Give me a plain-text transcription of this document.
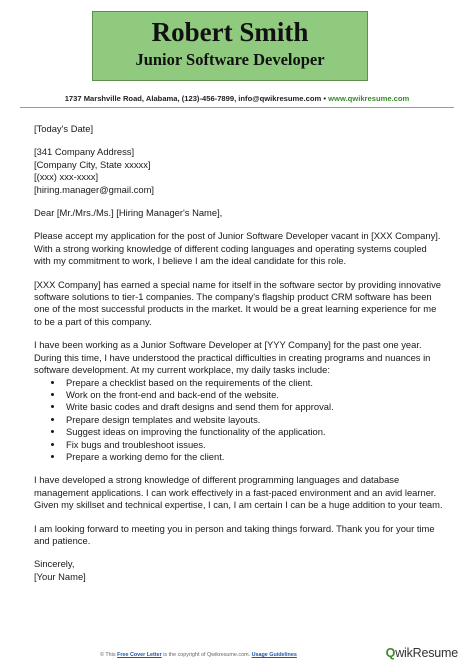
Robert Smith
Junior Software Developer
1737 Marshville Road, Alabama, (123)-456-7899, info@qwikresume.com • www.qwikresume.com

[Today's Date]

[341 Company Address]

[Company City, State xxxxx]

[(xxx) xxx-xxxx]

[hiring.manager@gmail.com]

Dear [Mr./Mrs./Ms.] [Hiring Manager's Name],

Please accept my application for the post of Junior Software Developer vacant in [XXX Company]. With a strong working knowledge of different coding languages and operating systems coupled with my commitment to work, I believe I am the ideal candidate for this role.

[XXX Company] has earned a special name for itself in the software sector by providing innovative software solutions to tier-1 companies. The company's flagship product CRM software has been one of the most successful products in the market. It would be a great learning experience for me to be a part of this company.

I have been working as a Junior Software Developer at [YYY Company] for the past one year. During this time, I have understood the practical difficulties in creating programs and nuances in software development. At my current workplace, my daily tasks include:

• Prepare a checklist based on the requirements of the client.
• Work on the front-end and back-end of the website.
• Write basic codes and draft designs and send them for approval.
• Prepare design templates and website layouts.
• Suggest ideas on improving the functionality of the application.
• Fix bugs and troubleshoot issues.
• Prepare a working demo for the client.

I have developed a strong knowledge of different programming languages and database management applications. I can work effectively in a fast-paced environment and an avid learner. Given my skillset and technical expertise, I can, I am certain I can be a huge addition to your team.

I am looking forward to meeting you in person and taking things forward. Thank you for your time and patience.

Sincerely,

[Your Name]

© This Free Cover Letter is the copyright of Qwikresume.com. Usage Guidelines	QwikResume
